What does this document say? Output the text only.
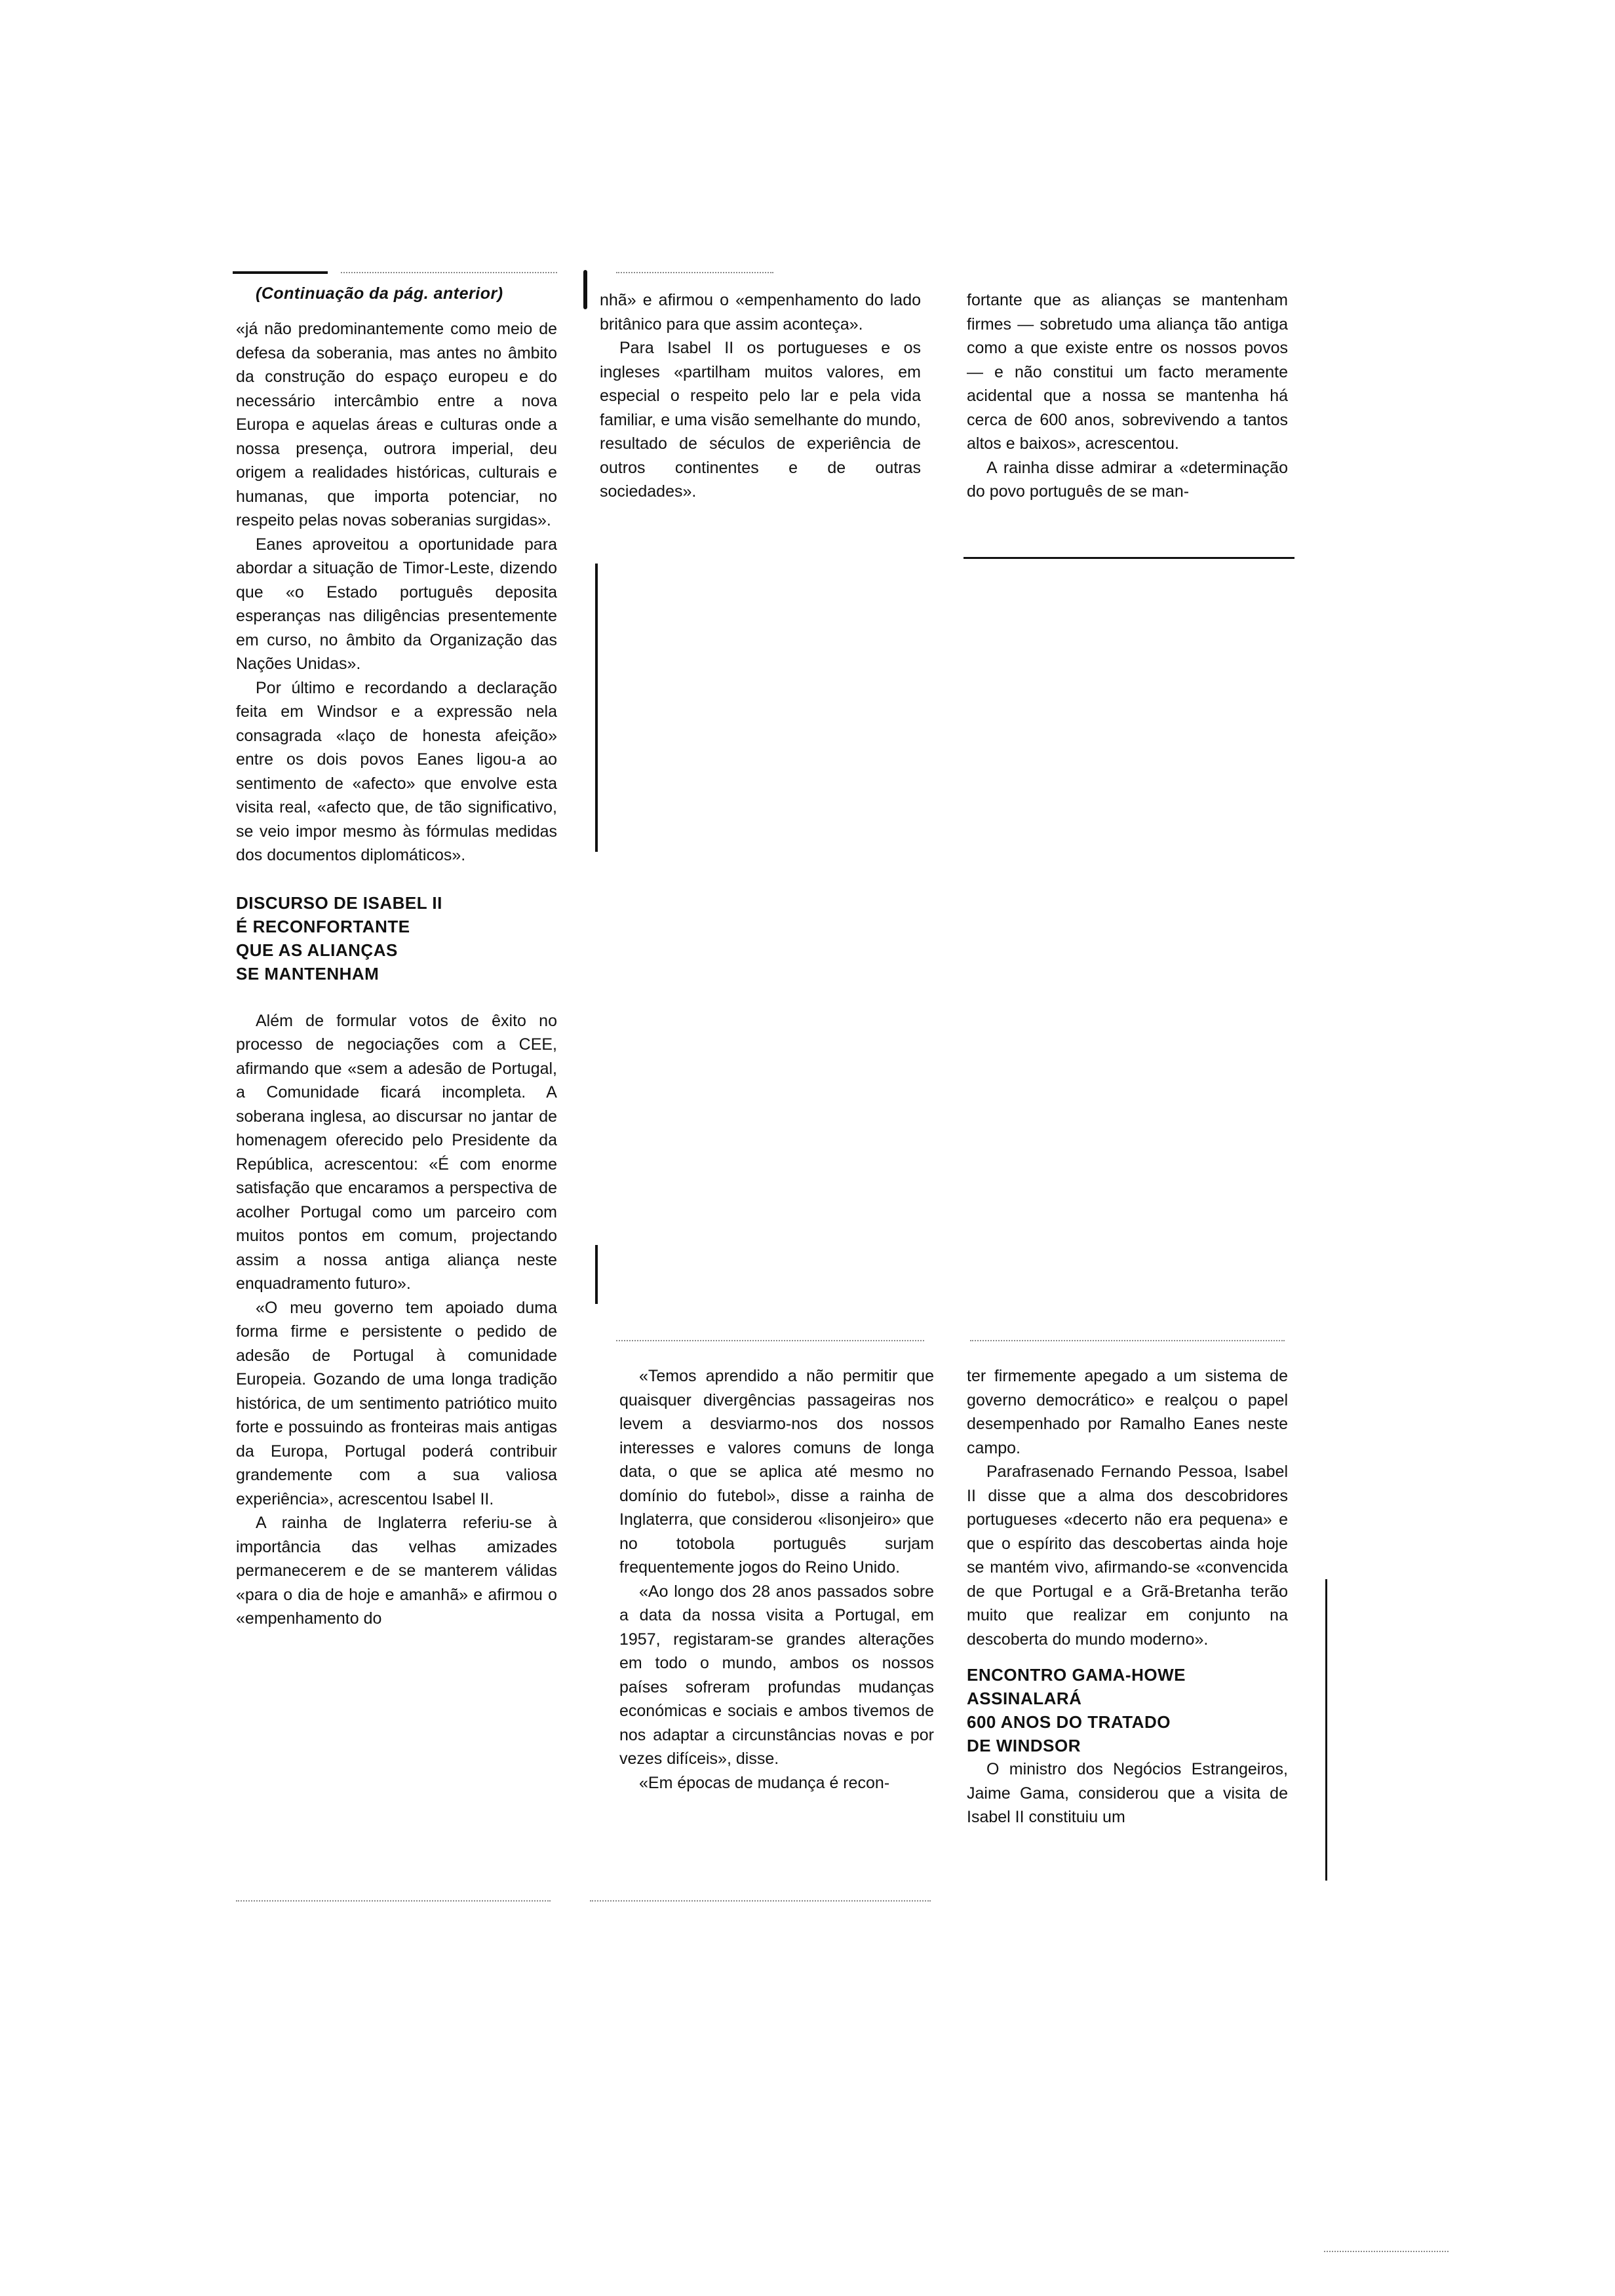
(Continuação da pág. anterior)

«já não predominantemente como meio de defesa da soberania, mas antes no âmbito da construção do espaço europeu e do necessário intercâmbio entre a nova Europa e aquelas áreas e culturas onde a nossa presença, outrora imperial, deu origem a realidades históricas, culturais e humanas, que importa potenciar, no respeito pelas novas soberanias surgidas».

Eanes aproveitou a oportunidade para abordar a situação de Timor-Leste, dizendo que «o Estado português deposita esperanças nas diligências presentemente em curso, no âmbito da Organização das Nações Unidas».

Por último e recordando a declaração feita em Windsor e a expressão nela consagrada «laço de honesta afeição» entre os dois povos Eanes ligou-a ao sentimento de «afecto» que envolve esta visita real, «afecto que, de tão significativo, se veio impor mesmo às fórmulas medidas dos documentos diplomáticos».

DISCURSO DE ISABEL II
É RECONFORTANTE
QUE AS ALIANÇAS
SE MANTENHAM

Além de formular votos de êxito no processo de negociações com a CEE, afirmando que «sem a adesão de Portugal, a Comunidade ficará incompleta. A soberana inglesa, ao discursar no jantar de homenagem oferecido pelo Presidente da República, acrescentou: «É com enorme satisfação que encaramos a perspectiva de acolher Portugal como um parceiro com muitos pontos em comum, projectando assim a nossa antiga aliança neste enquadramento futuro».

«O meu governo tem apoiado duma forma firme e persistente o pedido de adesão de Portugal à comunidade Europeia. Gozando de uma longa tradição histórica, de um sentimento patriótico muito forte e possuindo as fronteiras mais antigas da Europa, Portugal poderá contribuir grandemente com a sua valiosa experiência», acrescentou Isabel II.

A rainha de Inglaterra referiu-se à importância das velhas amizades permanecerem e de se manterem válidas «para o dia de hoje e amanhã» e afirmou o «empenhamento do

nhã» e afirmou o «empenhamento do lado britânico para que assim aconteça».

Para Isabel II os portugueses e os ingleses «partilham muitos valores, em especial o respeito pelo lar e pela vida familiar, e uma visão semelhante do mundo, resultado de séculos de experiência de outros continentes e de outras sociedades».

fortante que as alianças se mantenham firmes — sobretudo uma aliança tão antiga como a que existe entre os nossos povos — e não constitui um facto meramente acidental que a nossa se mantenha há cerca de 600 anos, sobrevivendo a tantos altos e baixos», acrescentou.

A rainha disse admirar a «determinação do povo português de se man-

«Temos aprendido a não permitir que quaisquer divergências passageiras nos levem a desviarmo-nos dos nossos interesses e valores comuns de longa data, o que se aplica até mesmo no domínio do futebol», disse a rainha de Inglaterra, que considerou «lisonjeiro» que no totobola português surjam frequentemente jogos do Reino Unido.

«Ao longo dos 28 anos passados sobre a data da nossa visita a Portugal, em 1957, registaram-se grandes alterações em todo o mundo, ambos os nossos países sofreram profundas mudanças económicas e sociais e ambos tivemos de nos adaptar a circunstâncias novas e por vezes difíceis», disse.

«Em épocas de mudança é recon-

ter firmemente apegado a um sistema de governo democrático» e realçou o papel desempenhado por Ramalho Eanes neste campo.

Parafrasenado Fernando Pessoa, Isabel II disse que a alma dos descobridores portugueses «decerto não era pequena» e que o espírito das descobertas ainda hoje se mantém vivo, afirmando-se «convencida de que Portugal e a Grã-Bretanha terão muito que realizar em conjunto na descoberta do mundo moderno».

ENCONTRO GAMA-HOWE
ASSINALARÁ
600 ANOS DO TRATADO
DE WINDSOR

O ministro dos Negócios Estrangeiros, Jaime Gama, considerou que a visita de Isabel II constituiu um
